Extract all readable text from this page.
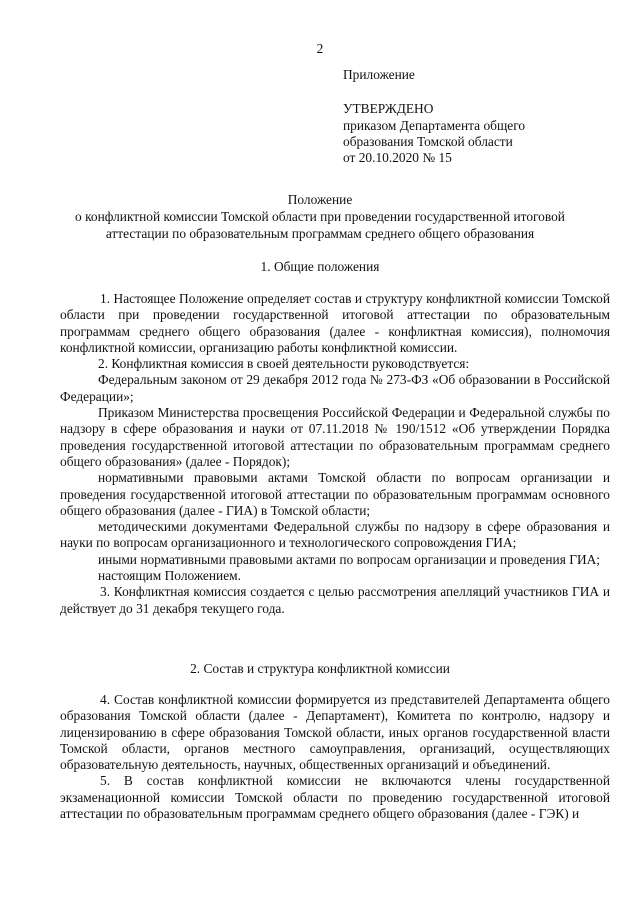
2
Приложение
УТВЕРЖДЕНО
приказом Департамента общего
образования Томской области
от 20.10.2020 № 15
Положение
о конфликтной комиссии Томской области при проведении государственной итоговой
аттестации по образовательным программам среднего общего образования
1. Общие положения

1. Настоящее Положение определяет состав и структуру конфликтной комиссии Томской области при проведении государственной итоговой аттестации по образовательным программам среднего общего образования (далее - конфликтная комиссия), полномочия конфликтной комиссии, организацию работы конфликтной комиссии.

2. Конфликтная комиссия в своей деятельности руководствуется:

Федеральным законом от 29 декабря 2012 года № 273-ФЗ «Об образовании в Российской Федерации»;

Приказом Министерства просвещения Российской Федерации и Федеральной службы по надзору в сфере образования и науки от 07.11.2018 № 190/1512 «Об утверждении Порядка проведения государственной итоговой аттестации по образовательным программам среднего общего образования» (далее - Порядок);

нормативными правовыми актами Томской области по вопросам организации и проведения государственной итоговой аттестации по образовательным программам основного общего образования (далее - ГИА) в Томской области;

методическими документами Федеральной службы по надзору в сфере образования и науки по вопросам организационного и технологического сопровождения ГИА;

иными нормативными правовыми актами по вопросам организации и проведения ГИА;

настоящим Положением.

3. Конфликтная комиссия создается с целью рассмотрения апелляций участников ГИА и действует до 31 декабря текущего года.

2. Состав и структура конфликтной комиссии

4. Состав конфликтной комиссии формируется из представителей Департамента общего образования Томской области (далее - Департамент), Комитета по контролю, надзору и лицензированию в сфере образования Томской области, иных органов государственной власти Томской области, органов местного самоуправления, организаций, осуществляющих образовательную деятельность, научных, общественных организаций и объединений.

5. В состав конфликтной комиссии не включаются члены государственной экзаменационной комиссии Томской области по проведению государственной итоговой аттестации по образовательным программам среднего общего образования (далее - ГЭК) и
